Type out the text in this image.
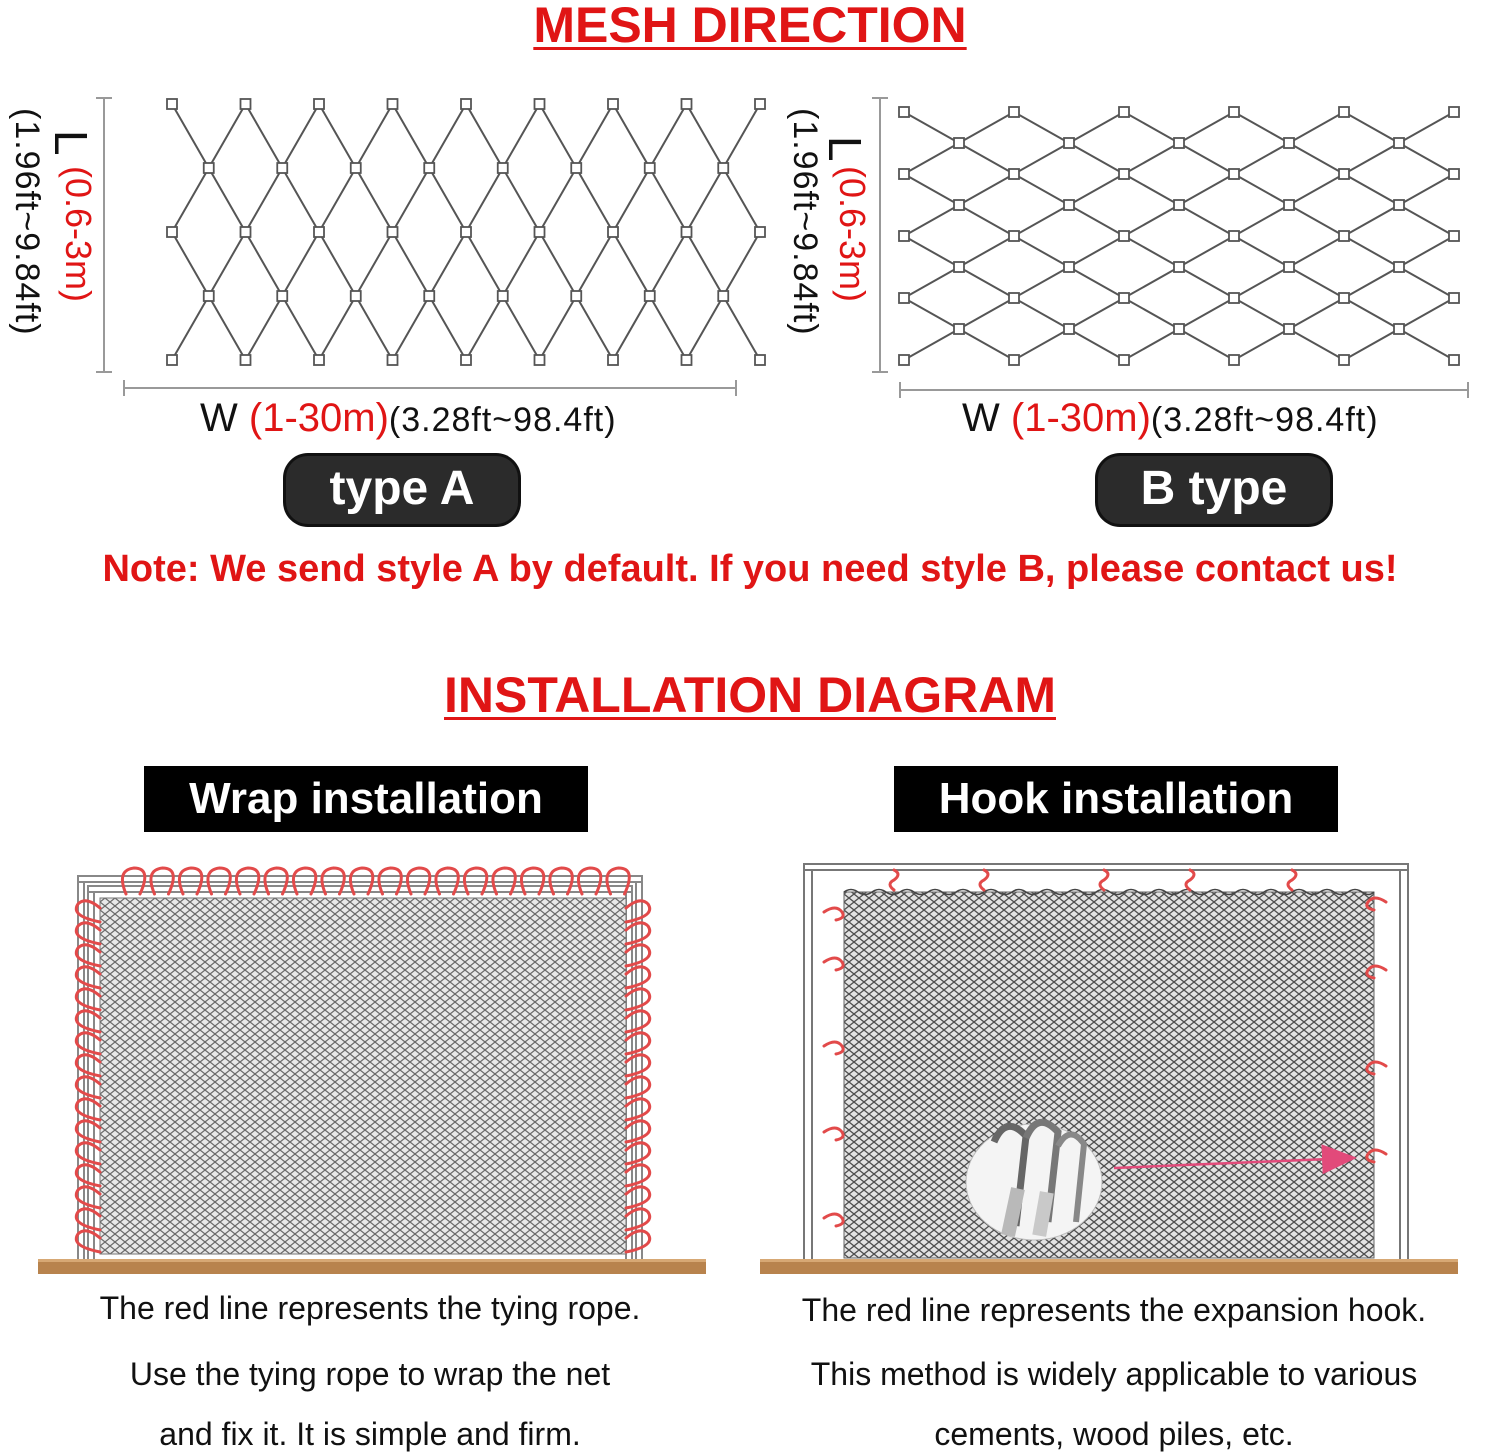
MESH DIRECTION
(1.96ft~9.84ft) L
(0.6-3m)
W (1-30m)(3.28ft~98.4ft)
(1.96ft~9.84ft)
L
(0.6-3m)
W (1-30m)(3.28ft~98.4ft)
type A	B type
Note: We send style A by default. If you need style B, please contact us!
INSTALLATION DIAGRAM
Wrap installation	Hook installation
The red line represents the tying rope.
Use the tying rope to wrap the net
and fix it. It is simple and firm.
The red line represents the expansion hook.
This method is widely applicable to various
cements, wood piles, etc.
